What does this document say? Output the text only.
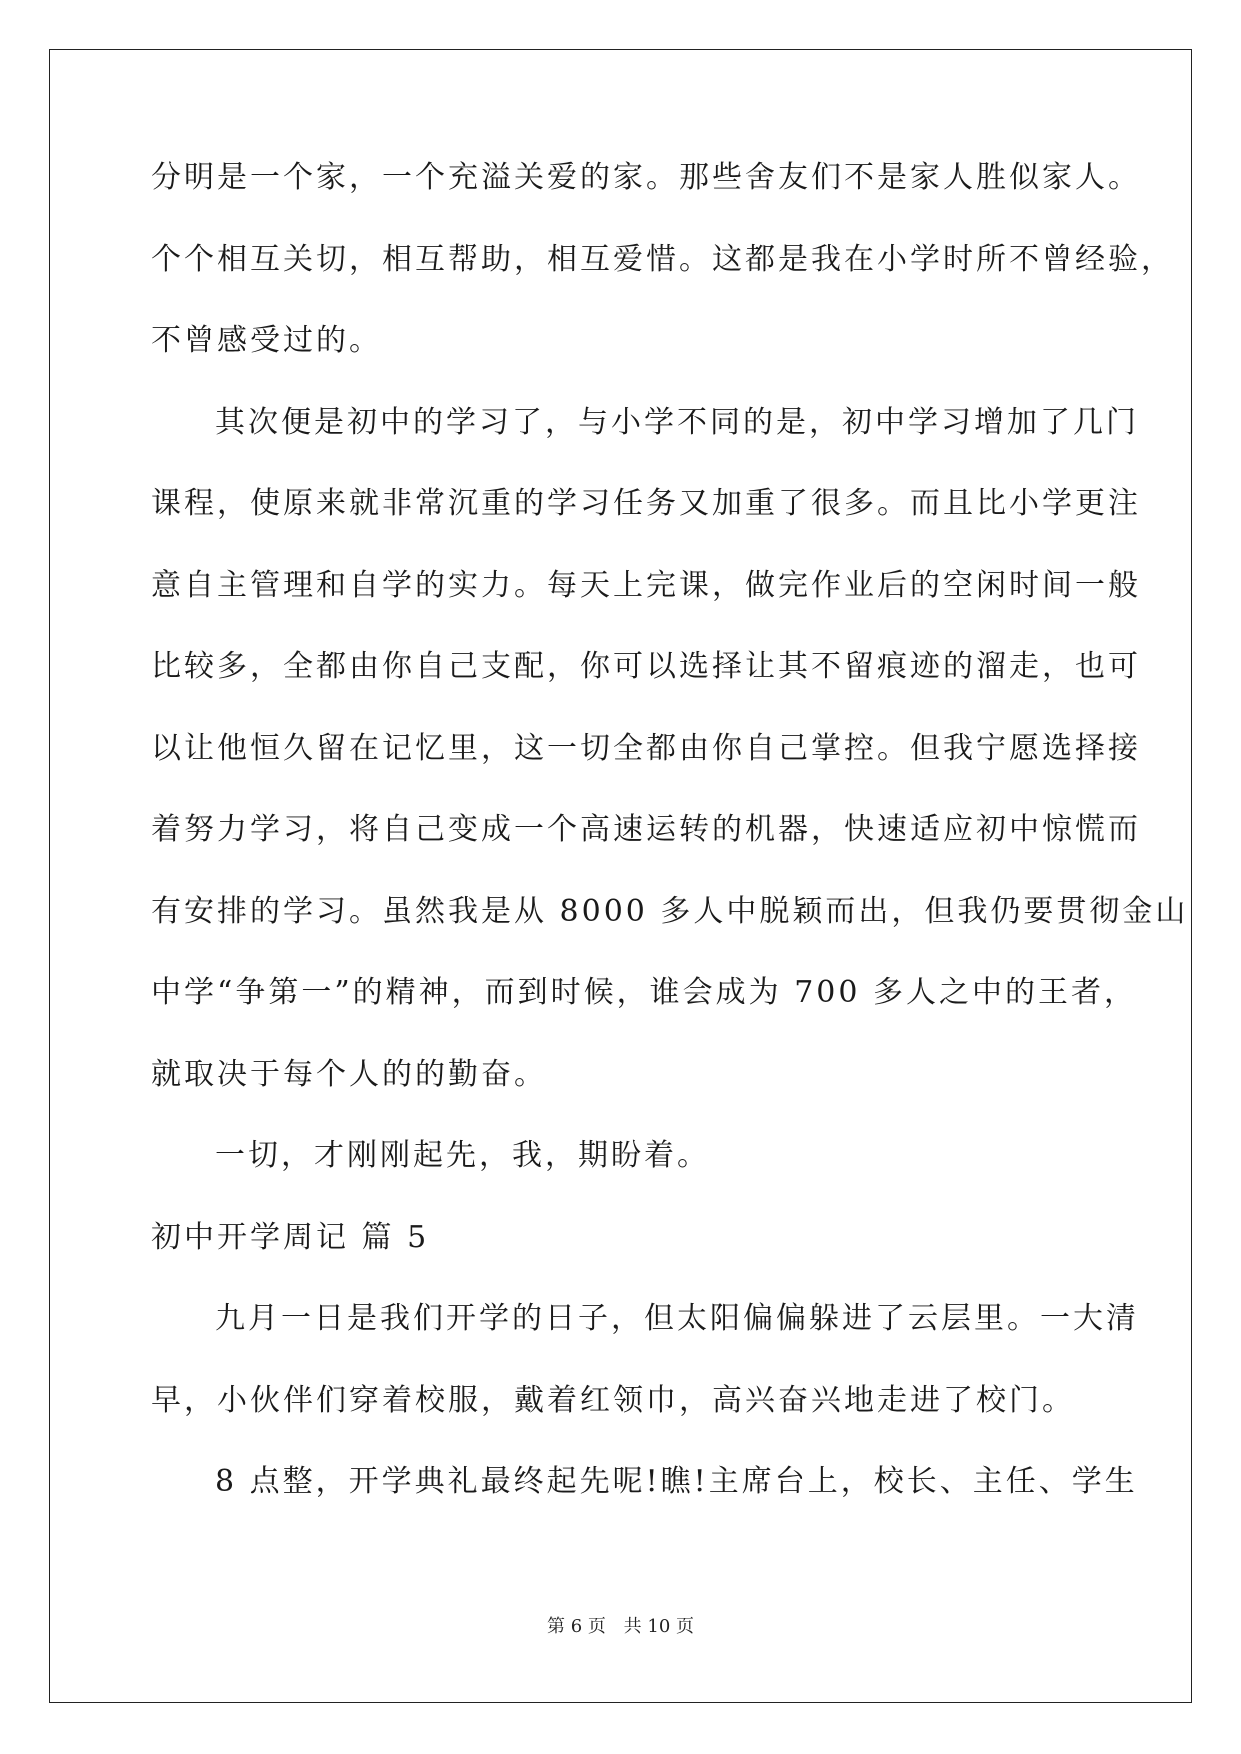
分明是一个家，一个充溢关爱的家。那些舍友们不是家人胜似家人。
个个相互关切，相互帮助，相互爱惜。这都是我在小学时所不曾经验，
不曾感受过的。
其次便是初中的学习了，与小学不同的是，初中学习增加了几门
课程，使原来就非常沉重的学习任务又加重了很多。而且比小学更注
意自主管理和自学的实力。每天上完课，做完作业后的空闲时间一般
比较多，全都由你自己支配，你可以选择让其不留痕迹的溜走，也可
以让他恒久留在记忆里，这一切全都由你自己掌控。但我宁愿选择接
着努力学习，将自己变成一个高速运转的机器，快速适应初中惊慌而
有安排的学习。虽然我是从 8000 多人中脱颖而出，但我仍要贯彻金山
中学“争第一”的精神，而到时候，谁会成为 700 多人之中的王者，
就取决于每个人的的勤奋。
一切，才刚刚起先，我，期盼着。
初中开学周记 篇 5
九月一日是我们开学的日子，但太阳偏偏躲进了云层里。一大清
早，小伙伴们穿着校服，戴着红领巾，高兴奋兴地走进了校门。
8 点整，开学典礼最终起先呢!瞧!主席台上，校长、主任、学生
第 6 页 共 10 页
